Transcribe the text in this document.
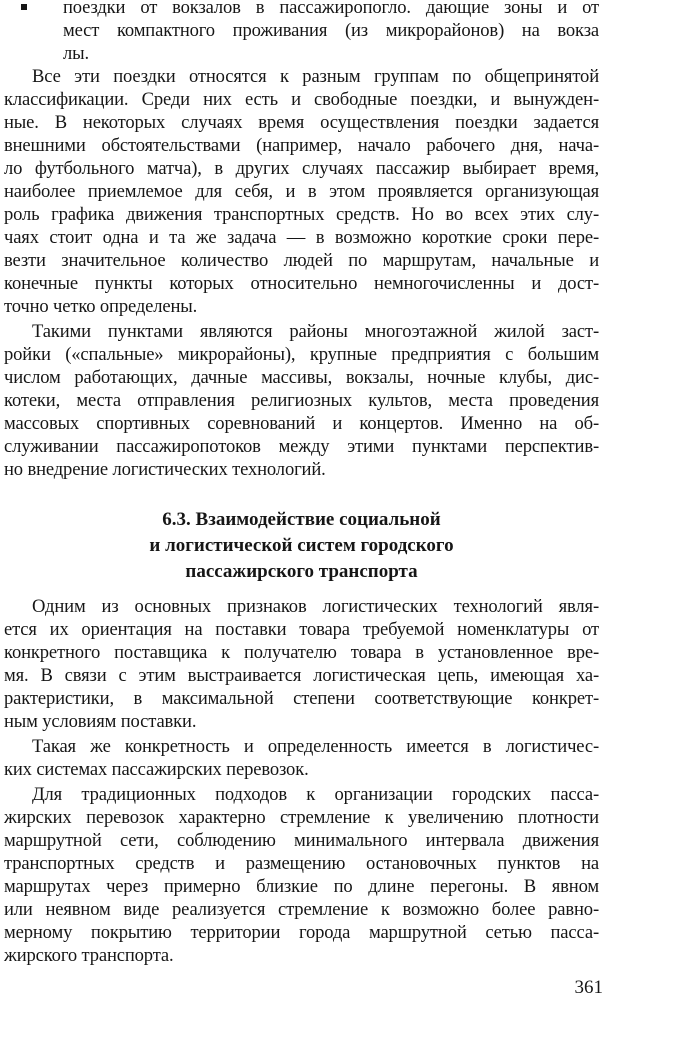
поездки от вокзалов в пассажиропогло. дающие зоны и от
мест компактного проживания (из микрорайонов) на вокза
лы.
Все эти поездки относятся к разным группам по общепринятой
классификации. Среди них есть и свободные поездки, и вынужден-
ные. В некоторых случаях время осуществления поездки задается
внешними обстоятельствами (например, начало рабочего дня, нача-
ло футбольного матча), в других случаях пассажир выбирает время,
наиболее приемлемое для себя, и в этом проявляется организующая
роль графика движения транспортных средств. Но во всех этих слу-
чаях стоит одна и та же задача — в возможно короткие сроки пере-
везти значительное количество людей по маршрутам, начальные и
конечные пункты которых относительно немногочисленны и дост-
точно четко определены.
Такими пунктами являются районы многоэтажной жилой заст-
ройки («спальные» микрорайоны), крупные предприятия с большим
числом работающих, дачные массивы, вокзалы, ночные клубы, дис-
котеки, места отправления религиозных культов, места проведения
массовых спортивных соревнований и концертов. Именно на об-
служивании пассажиропотоков между этими пунктами перспектив-
но внедрение логистических технологий.
6.3. Взаимодействие социальной
и логистической систем городского
пассажирского транспорта
Одним из основных признаков логистических технологий явля-
ется их ориентация на поставки товара требуемой номенклатуры от
конкретного поставщика к получателю товара в установленное вре-
мя. В связи с этим выстраивается логистическая цепь, имеющая ха-
рактеристики, в максимальной степени соответствующие конкрет-
ным условиям поставки.
Такая же конкретность и определенность имеется в логистичес-
ких системах пассажирских перевозок.
Для традиционных подходов к организации городских пасса-
жирских перевозок характерно стремление к увеличению плотности
маршрутной сети, соблюдению минимального интервала движения
транспортных средств и размещению остановочных пунктов на
маршрутах через примерно близкие по длине перегоны. В явном
или неявном виде реализуется стремление к возможно более равно-
мерному покрытию территории города маршрутной сетью пасса-
жирского транспорта.
361
